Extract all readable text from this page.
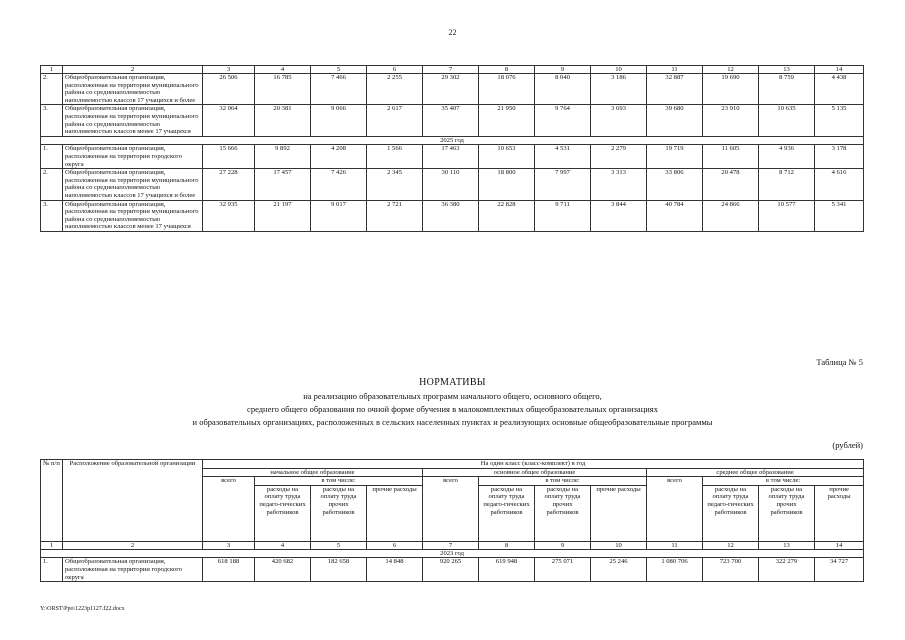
22
1	2	3	4	5	6	7	8	9	10	11	12	13	14
2.	Общеобразовательная организация, расположенная на территории муниципального района со средненаполняемостью наполняемостью классов 17 учащихся и более	26 506	16 785	7 466	2 255	29 302	18 076	8 040	3 186	32 887	19 690	8 759	4 438
3.	Общеобразовательная организация, расположенная на территории муниципального района со средненаполняемостью наполняемостью классов менее 17 учащихся	32 064	20 381	9 066	2 617	35 407	21 950	9 764	3 693	39 680	23 910	10 635	5 135
2025 год													
1.	Общеобразовательная организация, расположенная на территории городского округа	15 666	9 892	4 208	1 566	17 463	10 653	4 531	2 279	19 719	11 605	4 936	3 178
2.	Общеобразовательная организация, расположенная на территории муниципального района со средненаполняемостью наполняемостью классов 17 учащихся и более	27 228	17 457	7 426	2 345	30 110	18 800	7 997	3 313	33 806	20 478	8 712	4 616
3.	Общеобразовательная организация, расположенная на территории муниципального района со средненаполняемостью наполняемостью классов менее 17 учащихся	32 935	21 197	9 017	2 721	36 380	22 828	9 711	3 844	40 784	24 866	10 577	5 341
Таблица № 5
НОРМАТИВЫ
на реализацию образовательных программ начального общего, основного общего,
среднего общего образования по очной форме обучения в малокомплектных общеобразовательных организациях
и образовательных организациях, расположенных в сельских населенных пунктах и реализующих основные общеобразовательные программы
(рублей)
№ п/п	Расположение образовательной организации	На один класс (класс-комплект) в год											
		начальное общее образование				основное общее образование				среднее общее образование			
		всего	в том числе:			всего	в том числе:			всего	в том числе:		
			расходы на оплату труда педаго-гических работников	расходы на оплату труда прочих работников	прочие расходы		расходы на оплату труда педаго-гических работников	расходы на оплату труда прочих работников	прочие расходы		расходы на оплату труда педаго-гических работников	расходы на оплату труда прочих работников	прочие расходы
1	2	3	4	5	6	7	8	9	10	11	12	13	14
2023 год													
1.	Общеобразовательная организация, расположенная на территории городского округа	618 188	420 682	182 658	14 848	920 265	619 948	275 071	25 246	1 080 706	723 700	322 279	34 727
Y:\ORST\Ppo\1223p1127.f22.docx
